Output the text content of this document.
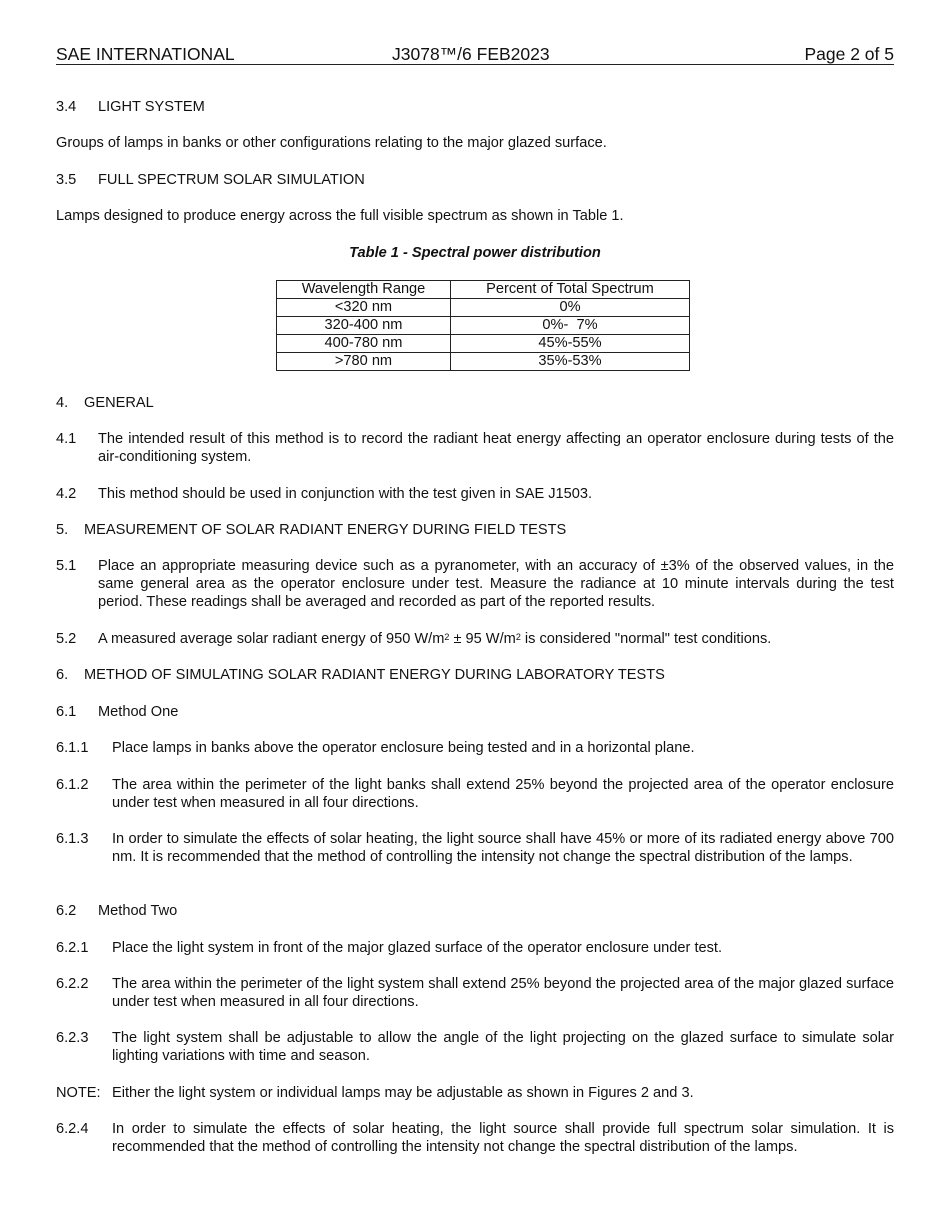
SAE INTERNATIONAL	J3078™/6 FEB2023	Page 2 of 5
3.4 LIGHT SYSTEM
Groups of lamps in banks or other configurations relating to the major glazed surface.
3.5 FULL SPECTRUM SOLAR SIMULATION
Lamps designed to produce energy across the full visible spectrum as shown in Table 1.
Table 1 - Spectral power distribution
Wavelength Range	Percent of Total Spectrum
<320 nm	0%
320-400 nm	0%-  7%
400-780 nm	45%-55%
>780 nm	35%-53%
4. GENERAL
4.1 The intended result of this method is to record the radiant heat energy affecting an operator enclosure during tests of the air-conditioning system.
4.2 This method should be used in conjunction with the test given in SAE J1503.
5. MEASUREMENT OF SOLAR RADIANT ENERGY DURING FIELD TESTS
5.1 Place an appropriate measuring device such as a pyranometer, with an accuracy of ±3% of the observed values, in the same general area as the operator enclosure under test. Measure the radiance at 10 minute intervals during the test period. These readings shall be averaged and recorded as part of the reported results.
5.2 A measured average solar radiant energy of 950 $W/m^2 \pm 95$ $W/m^2$ is considered "normal" test conditions.
6. METHOD OF SIMULATING SOLAR RADIANT ENERGY DURING LABORATORY TESTS
6.1 Method One
6.1.1 Place lamps in banks above the operator enclosure being tested and in a horizontal plane.
6.1.2 The area within the perimeter of the light banks shall extend 25% beyond the projected area of the operator enclosure under test when measured in all four directions.
6.1.3 In order to simulate the effects of solar heating, the light source shall have 45% or more of its radiated energy above 700 nm. It is recommended that the method of controlling the intensity not change the spectral distribution of the lamps.
6.2 Method Two
6.2.1 Place the light system in front of the major glazed surface of the operator enclosure under test.
6.2.2 The area within the perimeter of the light system shall extend 25% beyond the projected area of the major glazed surface under test when measured in all four directions.
6.2.3 The light system shall be adjustable to allow the angle of the light projecting on the glazed surface to simulate solar lighting variations with time and season.
NOTE: Either the light system or individual lamps may be adjustable as shown in Figures 2 and 3.
6.2.4 In order to simulate the effects of solar heating, the light source shall provide full spectrum solar simulation. It is recommended that the method of controlling the intensity not change the spectral distribution of the lamps.
